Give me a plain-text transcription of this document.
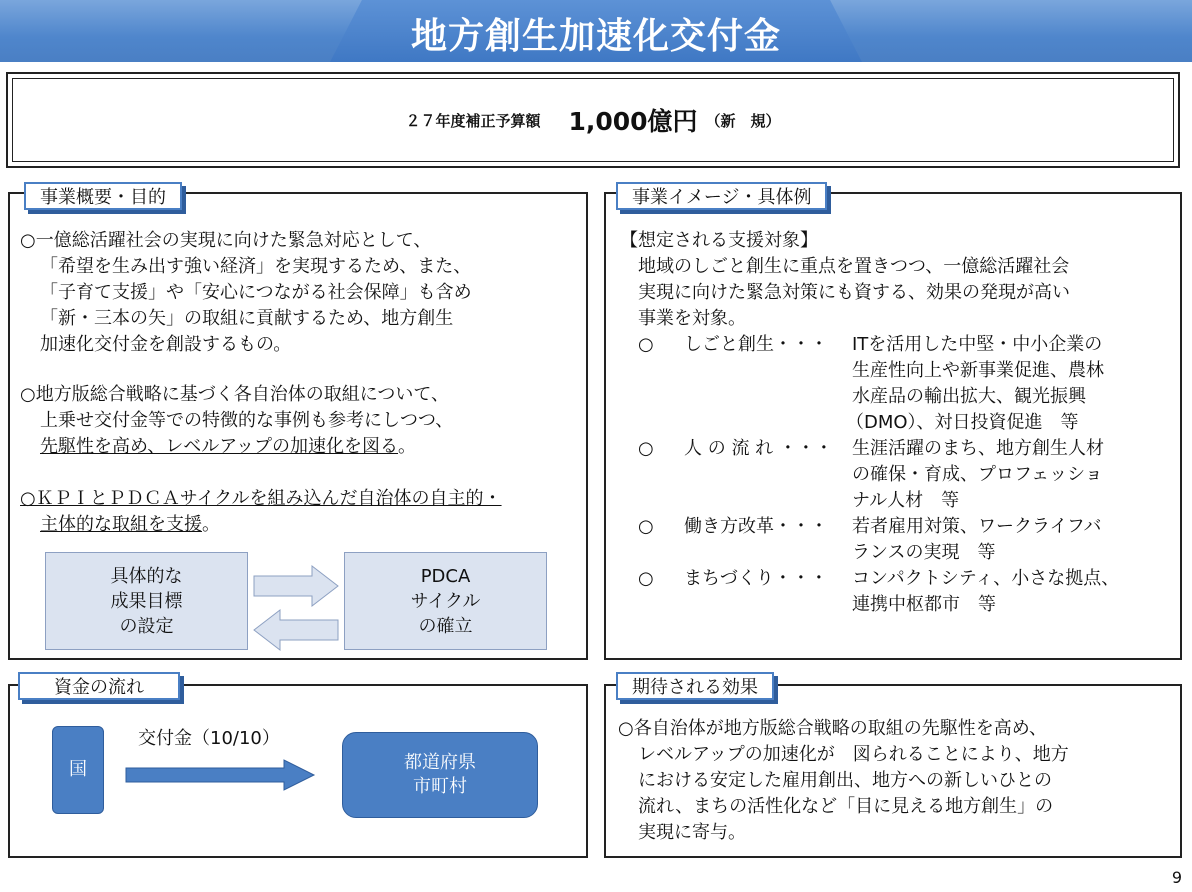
地方創生加速化交付金
２７年度補正予算額 1,000億円 （新　規）
事業概要・目的
○一億総活躍社会の実現に向けた緊急対応として、
「希望を生み出す強い経済」を実現するため、また、
「子育て支援」や「安心につながる社会保障」も含め
「新・三本の矢」の取組に貢献するため、地方創生
加速化交付金を創設するもの。
○地方版総合戦略に基づく各自治体の取組について、
上乗せ交付金等での特徴的な事例も参考にしつつ、
先駆性を高め、レベルアップの加速化を図る。
○ＫＰＩとＰＤＣＡサイクルを組み込んだ自治体の自主的・
主体的な取組を支援。
具体的な
成果目標
の設定
PDCA
サイクル
の確立
事業イメージ・具体例
【想定される支援対象】
地域のしごと創生に重点を置きつつ、一億総活躍社会
実現に向けた緊急対策にも資する、効果の発現が高い
事業を対象。
○ しごと創生・・・ ITを活用した中堅・中小企業の
生産性向上や新事業促進、農林
水産品の輸出拡大、観光振興
（DMO）、対日投資促進　等
○ 人 の 流 れ ・・・ 生涯活躍のまち、地方創生人材
の確保・育成、プロフェッショ
ナル人材　等
○ 働き方改革・・・ 若者雇用対策、ワークライフバ
ランスの実現　等
○ まちづくり・・・ コンパクトシティ、小さな拠点、
連携中枢都市　等
資金の流れ
国
交付金（10/10）
都道府県
市町村
期待される効果
○各自治体が地方版総合戦略の取組の先駆性を高め、
レベルアップの加速化が　図られることにより、地方
における安定した雇用創出、地方への新しいひとの
流れ、まちの活性化など「目に見える地方創生」の
実現に寄与。
9
